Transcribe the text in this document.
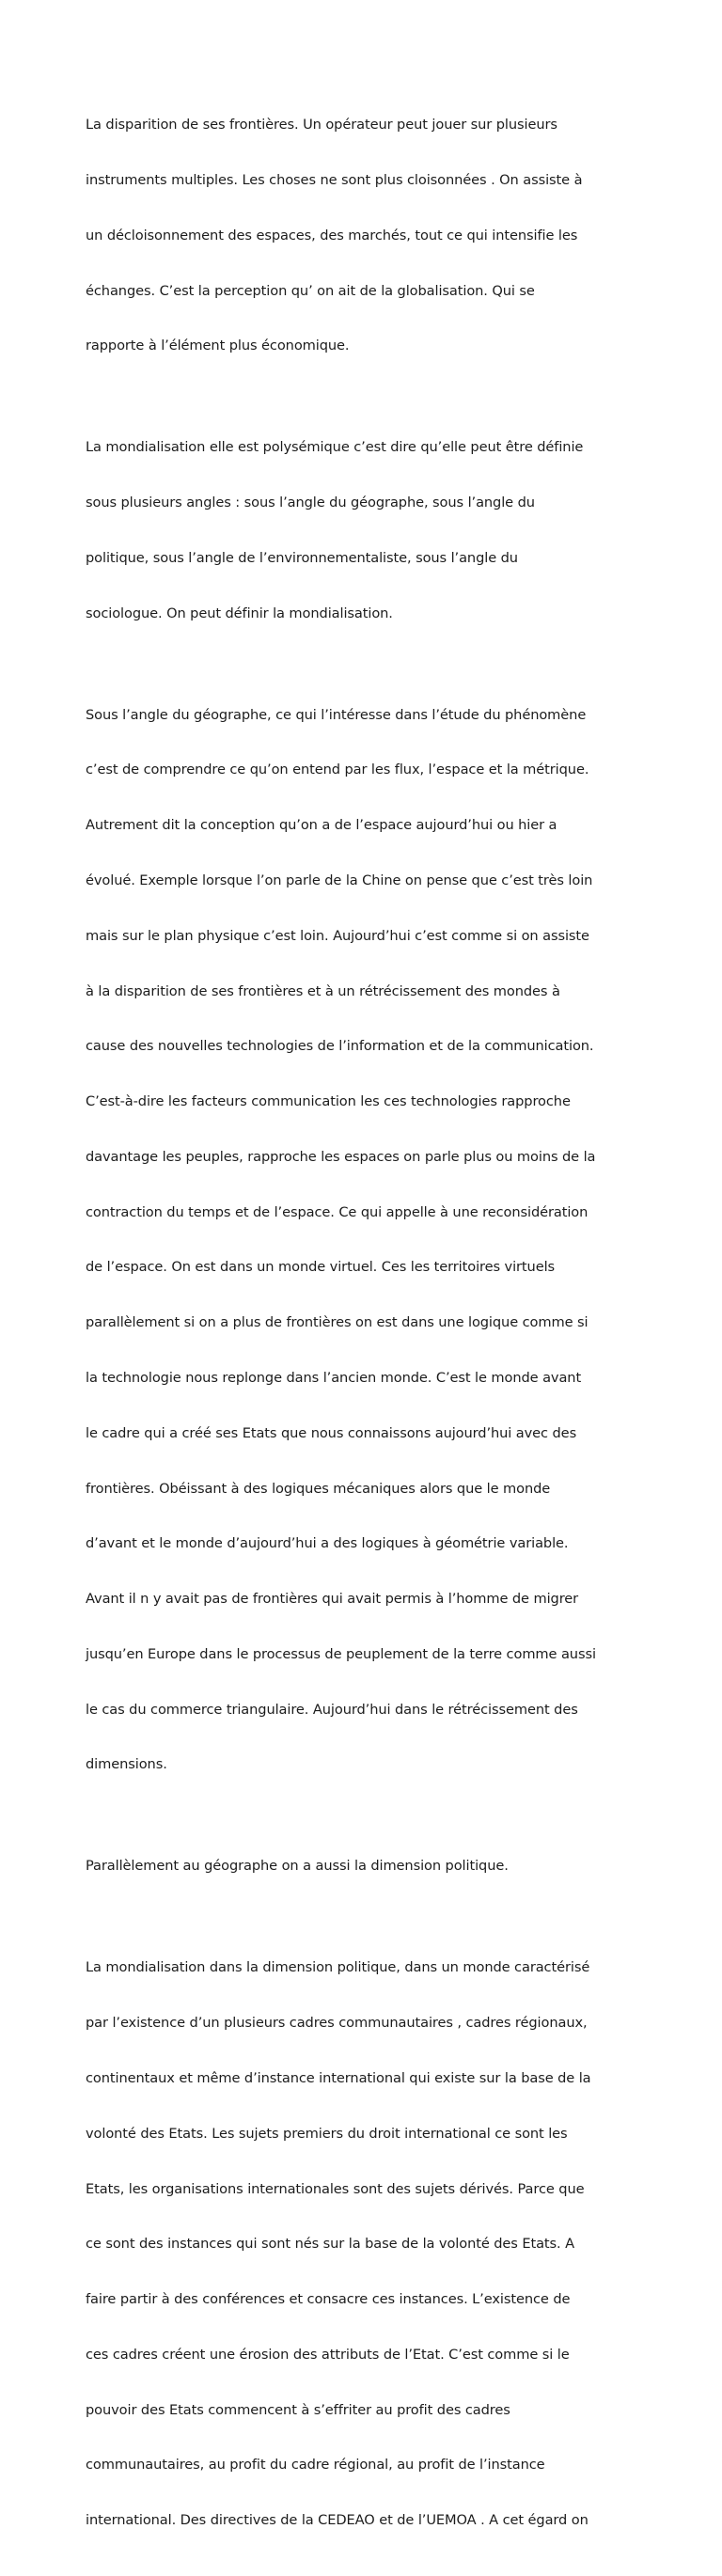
La disparition de ses frontières. Un opérateur peut jouer sur plusieurs

instruments multiples. Les choses ne sont plus cloisonnées . On assiste à

un décloisonnement des espaces, des marchés, tout ce qui intensifie les

échanges. C’est la perception qu’ on ait de la globalisation. Qui se

rapporte à l’élément plus économique.

La mondialisation elle est polysémique c’est dire qu’elle peut être définie

sous plusieurs angles : sous l’angle du géographe, sous l’angle du

politique, sous l’angle de l’environnementaliste, sous l’angle du

sociologue. On peut définir la mondialisation.

Sous l’angle du géographe, ce qui l’intéresse dans l’étude du phénomène

c’est de comprendre ce qu’on entend par les flux, l’espace et la métrique.

Autrement dit la conception qu’on a de l’espace aujourd’hui ou hier a

évolué. Exemple lorsque l’on parle de la Chine on pense que c’est très loin

mais sur le plan physique c’est loin. Aujourd’hui c’est comme si on assiste

à la disparition de ses frontières et à un rétrécissement des mondes à

cause des nouvelles technologies de l’information et de la communication.

C’est-à-dire les facteurs communication les ces technologies rapproche

davantage les peuples, rapproche les espaces on parle plus ou moins de la

contraction du temps et de l’espace. Ce qui appelle à une reconsidération

de l’espace. On est dans un monde virtuel. Ces les territoires virtuels

parallèlement si on a plus de frontières on est dans une logique comme si

la technologie nous replonge dans l’ancien monde. C’est le monde avant

le cadre qui a créé ses Etats que nous connaissons aujourd’hui avec des

frontières. Obéissant à des logiques mécaniques alors que le monde

d’avant et le monde d’aujourd’hui a des logiques à géométrie variable.

Avant il n y avait pas de frontières qui avait permis à l’homme de migrer

jusqu’en Europe dans le processus de peuplement de la terre comme aussi

le cas du commerce triangulaire. Aujourd’hui dans le rétrécissement des

dimensions.

Parallèlement au géographe on a aussi la dimension politique.

La mondialisation dans la dimension politique, dans un monde caractérisé

par l’existence d’un plusieurs cadres communautaires , cadres régionaux,

continentaux et même d’instance international qui existe sur la base de la

volonté des Etats. Les sujets premiers du droit international ce sont les

Etats, les organisations internationales sont des sujets dérivés. Parce que

ce sont des instances qui sont nés sur la base de la volonté des Etats. A

faire partir à des conférences et consacre ces instances. L’existence de

ces cadres créent une érosion des attributs de l’Etat. C’est comme si le

pouvoir des Etats commencent à s’effriter au profit des cadres

communautaires, au profit du cadre régional, au profit de l’instance

international. Des directives de la CEDEAO et de l’UEMOA . A cet égard on
